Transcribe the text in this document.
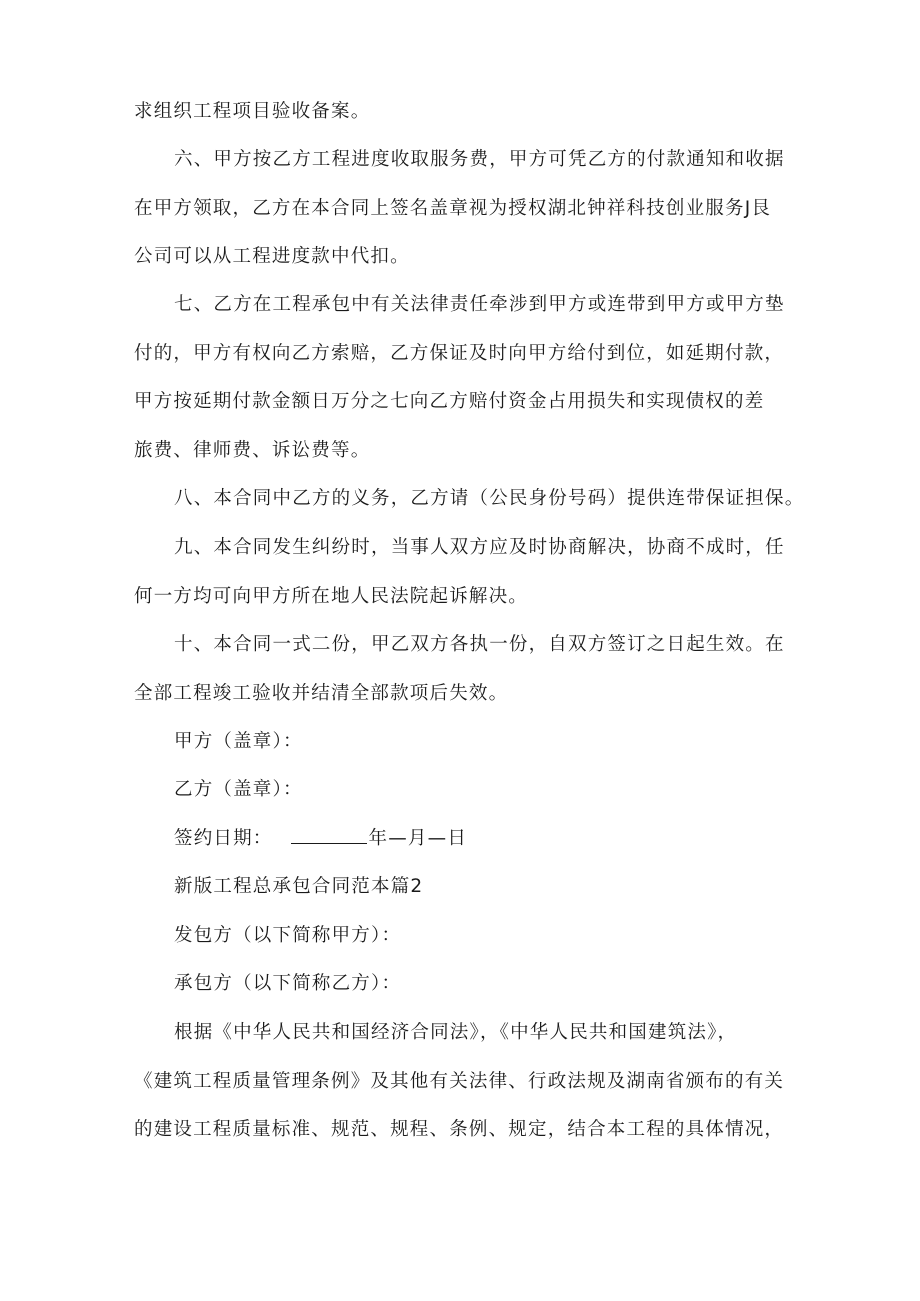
求组织工程项目验收备案。

六、甲方按乙方工程进度收取服务费，甲方可凭乙方的付款通知和收据
在甲方领取，乙方在本合同上签名盖章视为授权湖北钟祥科技创业服务J艮
公司可以从工程进度款中代扣。

七、乙方在工程承包中有关法律责任牵涉到甲方或连带到甲方或甲方垫
付的，甲方有权向乙方索赔，乙方保证及时向甲方给付到位，如延期付款，
甲方按延期付款金额日万分之七向乙方赔付资金占用损失和实现债权的差
旅费、律师费、诉讼费等。

八、本合同中乙方的义务，乙方请（公民身份号码）提供连带保证担保。

九、本合同发生纠纷时，当事人双方应及时协商解决，协商不成时，任
何一方均可向甲方所在地人民法院起诉解决。

十、本合同一式二份，甲乙双方各执一份，自双方签订之日起生效。在
全部工程竣工验收并结清全部款项后失效。

甲方（盖章）：

乙方（盖章）：

签约日期：	年—月—日

新版工程总承包合同范本篇2

发包方（以下简称甲方）：

承包方（以下简称乙方）：

根据《中华人民共和国经济合同法》，《中华人民共和国建筑法》，
《建筑工程质量管理条例》及其他有关法律、行政法规及湖南省颁布的有关
的建设工程质量标准、规范、规程、条例、规定，结合本工程的具体情况，
